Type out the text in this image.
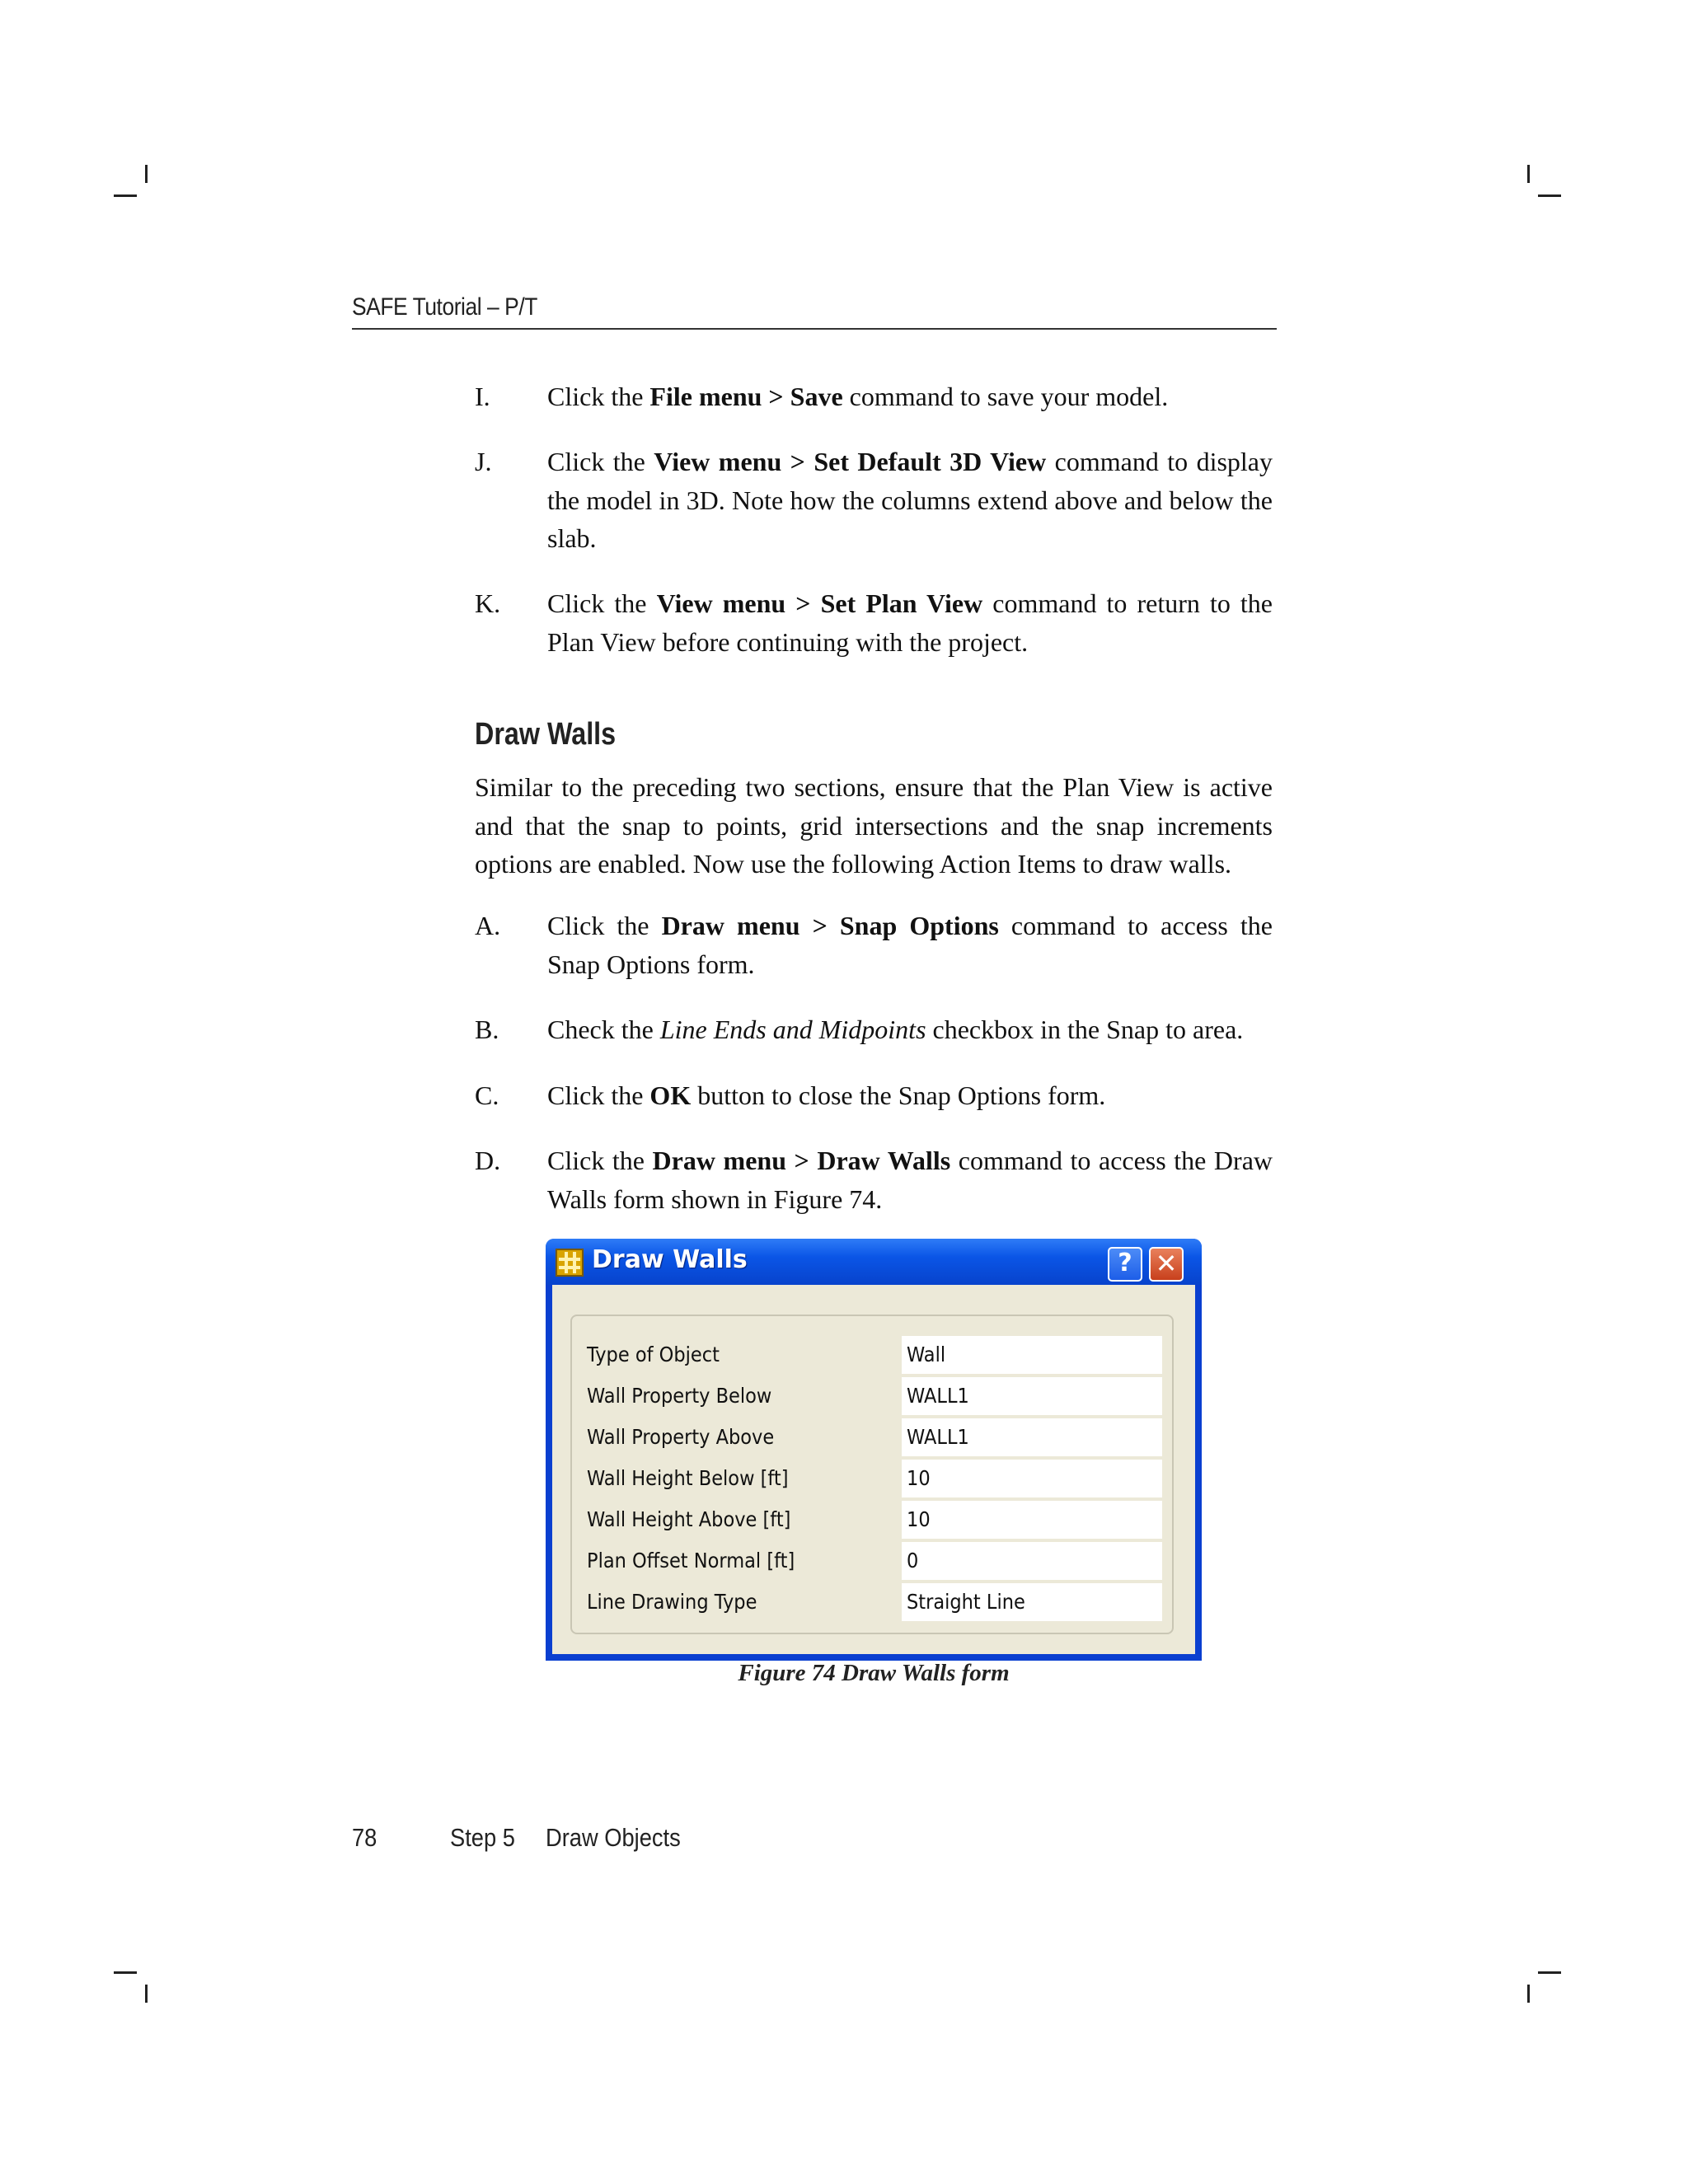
SAFE Tutorial – P/T
I. Click the File menu > Save command to save your model.
J. Click the View menu > Set Default 3D View command to display the model in 3D. Note how the columns extend above and below the slab.
K. Click the View menu > Set Plan View command to return to the Plan View before continuing with the project.
Draw Walls
Similar to the preceding two sections, ensure that the Plan View is active and that the snap to points, grid intersections and the snap increments options are enabled. Now use the following Action Items to draw walls.
A. Click the Draw menu > Snap Options command to access the Snap Options form.
B. Check the Line Ends and Midpoints checkbox in the Snap to area.
C. Click the OK button to close the Snap Options form.
D. Click the Draw menu > Draw Walls command to access the Draw Walls form shown in Figure 74.
Draw Walls	? ✕
Type of Object	Wall
Wall Property Below	WALL1
Wall Property Above	WALL1
Wall Height Below [ft]	10
Wall Height Above [ft]	10
Plan Offset Normal [ft]	0
Line Drawing Type	Straight Line
Figure 74 Draw Walls form
78	Step 5	Draw Objects
